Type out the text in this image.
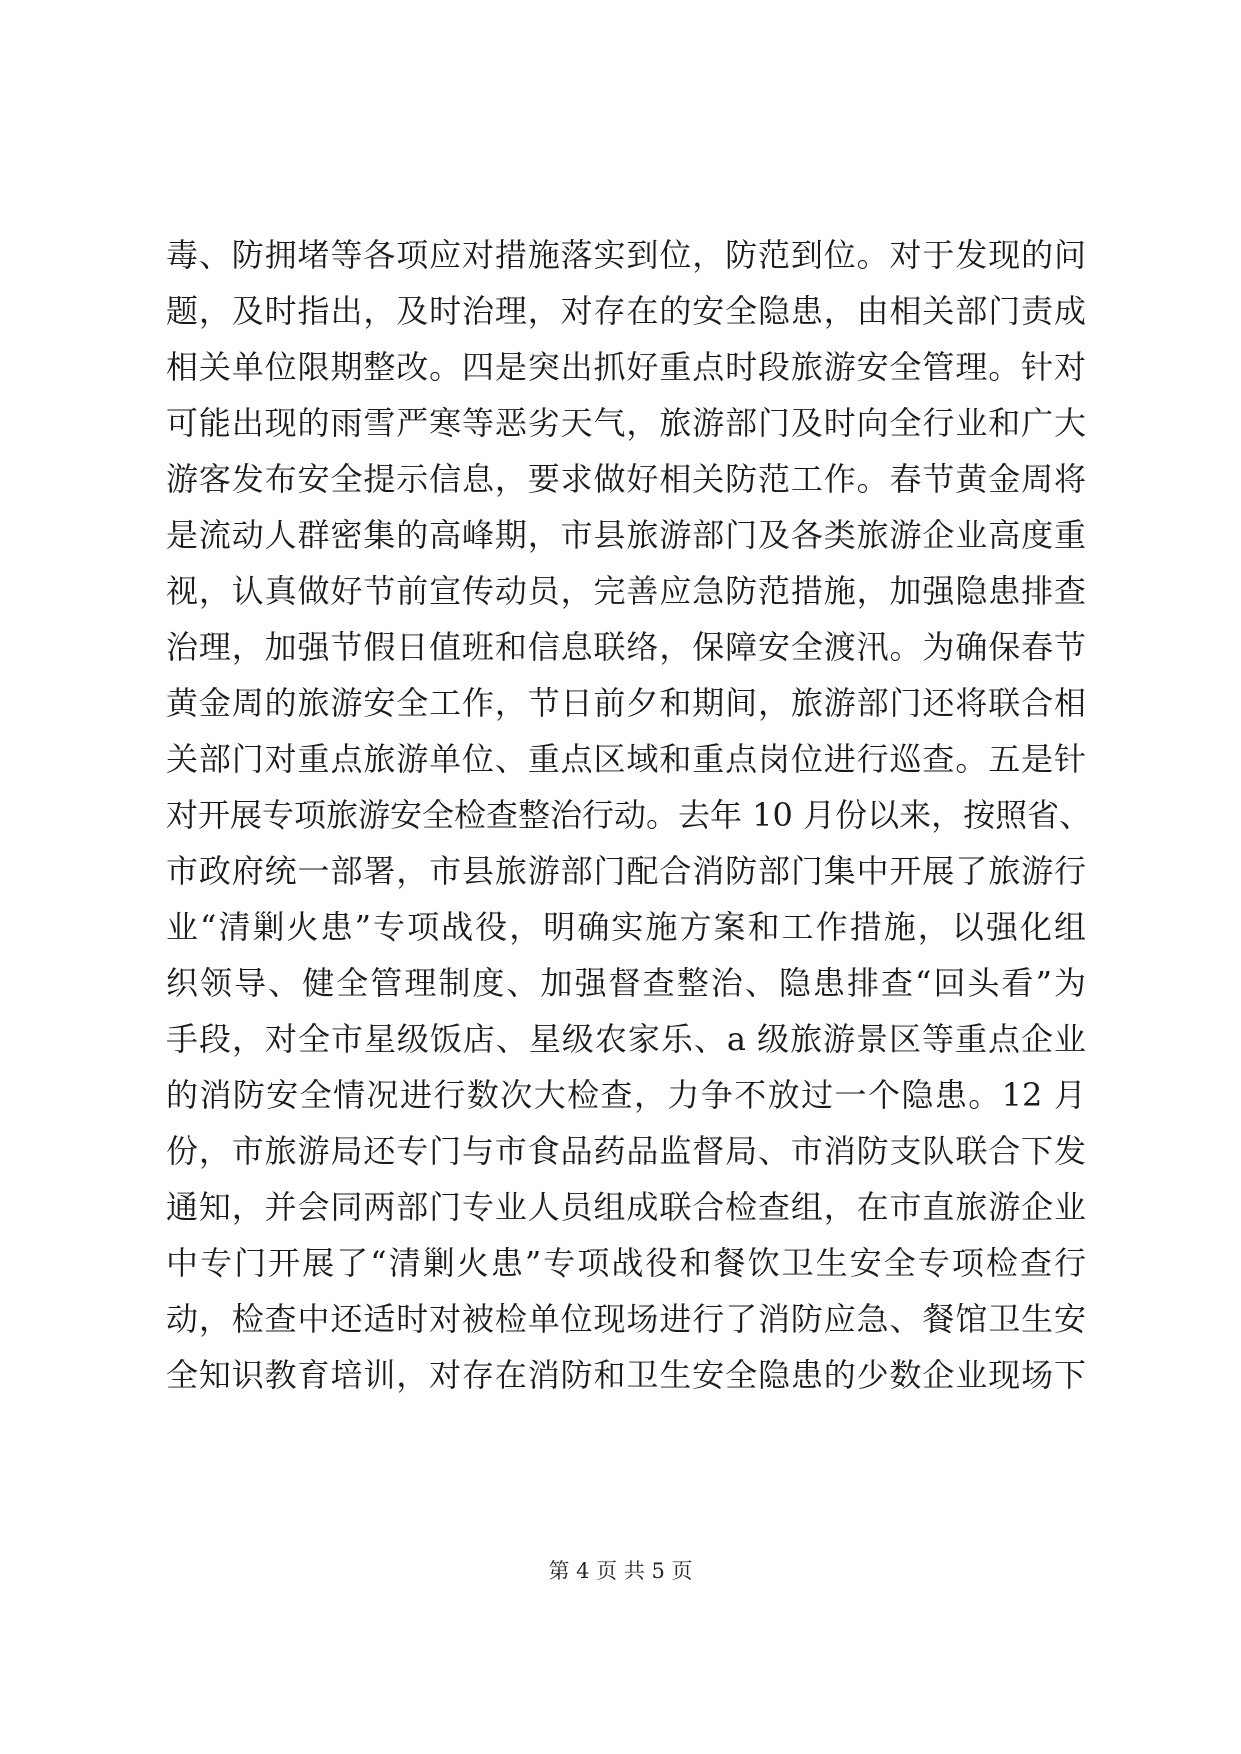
毒、防拥堵等各项应对措施落实到位，防范到位。对于发现的问
题，及时指出，及时治理，对存在的安全隐患，由相关部门责成
相关单位限期整改。四是突出抓好重点时段旅游安全管理。针对
可能出现的雨雪严寒等恶劣天气，旅游部门及时向全行业和广大
游客发布安全提示信息，要求做好相关防范工作。春节黄金周将
是流动人群密集的高峰期，市县旅游部门及各类旅游企业高度重
视，认真做好节前宣传动员，完善应急防范措施，加强隐患排查
治理，加强节假日值班和信息联络，保障安全渡汛。为确保春节
黄金周的旅游安全工作，节日前夕和期间，旅游部门还将联合相
关部门对重点旅游单位、重点区域和重点岗位进行巡查。五是针
对开展专项旅游安全检查整治行动。去年 10 月份以来，按照省、
市政府统一部署，市县旅游部门配合消防部门集中开展了旅游行
业“清剿火患”专项战役，明确实施方案和工作措施，以强化组
织领导、健全管理制度、加强督查整治、隐患排查“回头看”为
手段，对全市星级饭店、星级农家乐、a 级旅游景区等重点企业
的消防安全情况进行数次大检查，力争不放过一个隐患。12 月
份，市旅游局还专门与市食品药品监督局、市消防支队联合下发
通知，并会同两部门专业人员组成联合检查组，在市直旅游企业
中专门开展了“清剿火患”专项战役和餐饮卫生安全专项检查行
动，检查中还适时对被检单位现场进行了消防应急、餐馆卫生安
全知识教育培训，对存在消防和卫生安全隐患的少数企业现场下
第 4 页 共 5 页
